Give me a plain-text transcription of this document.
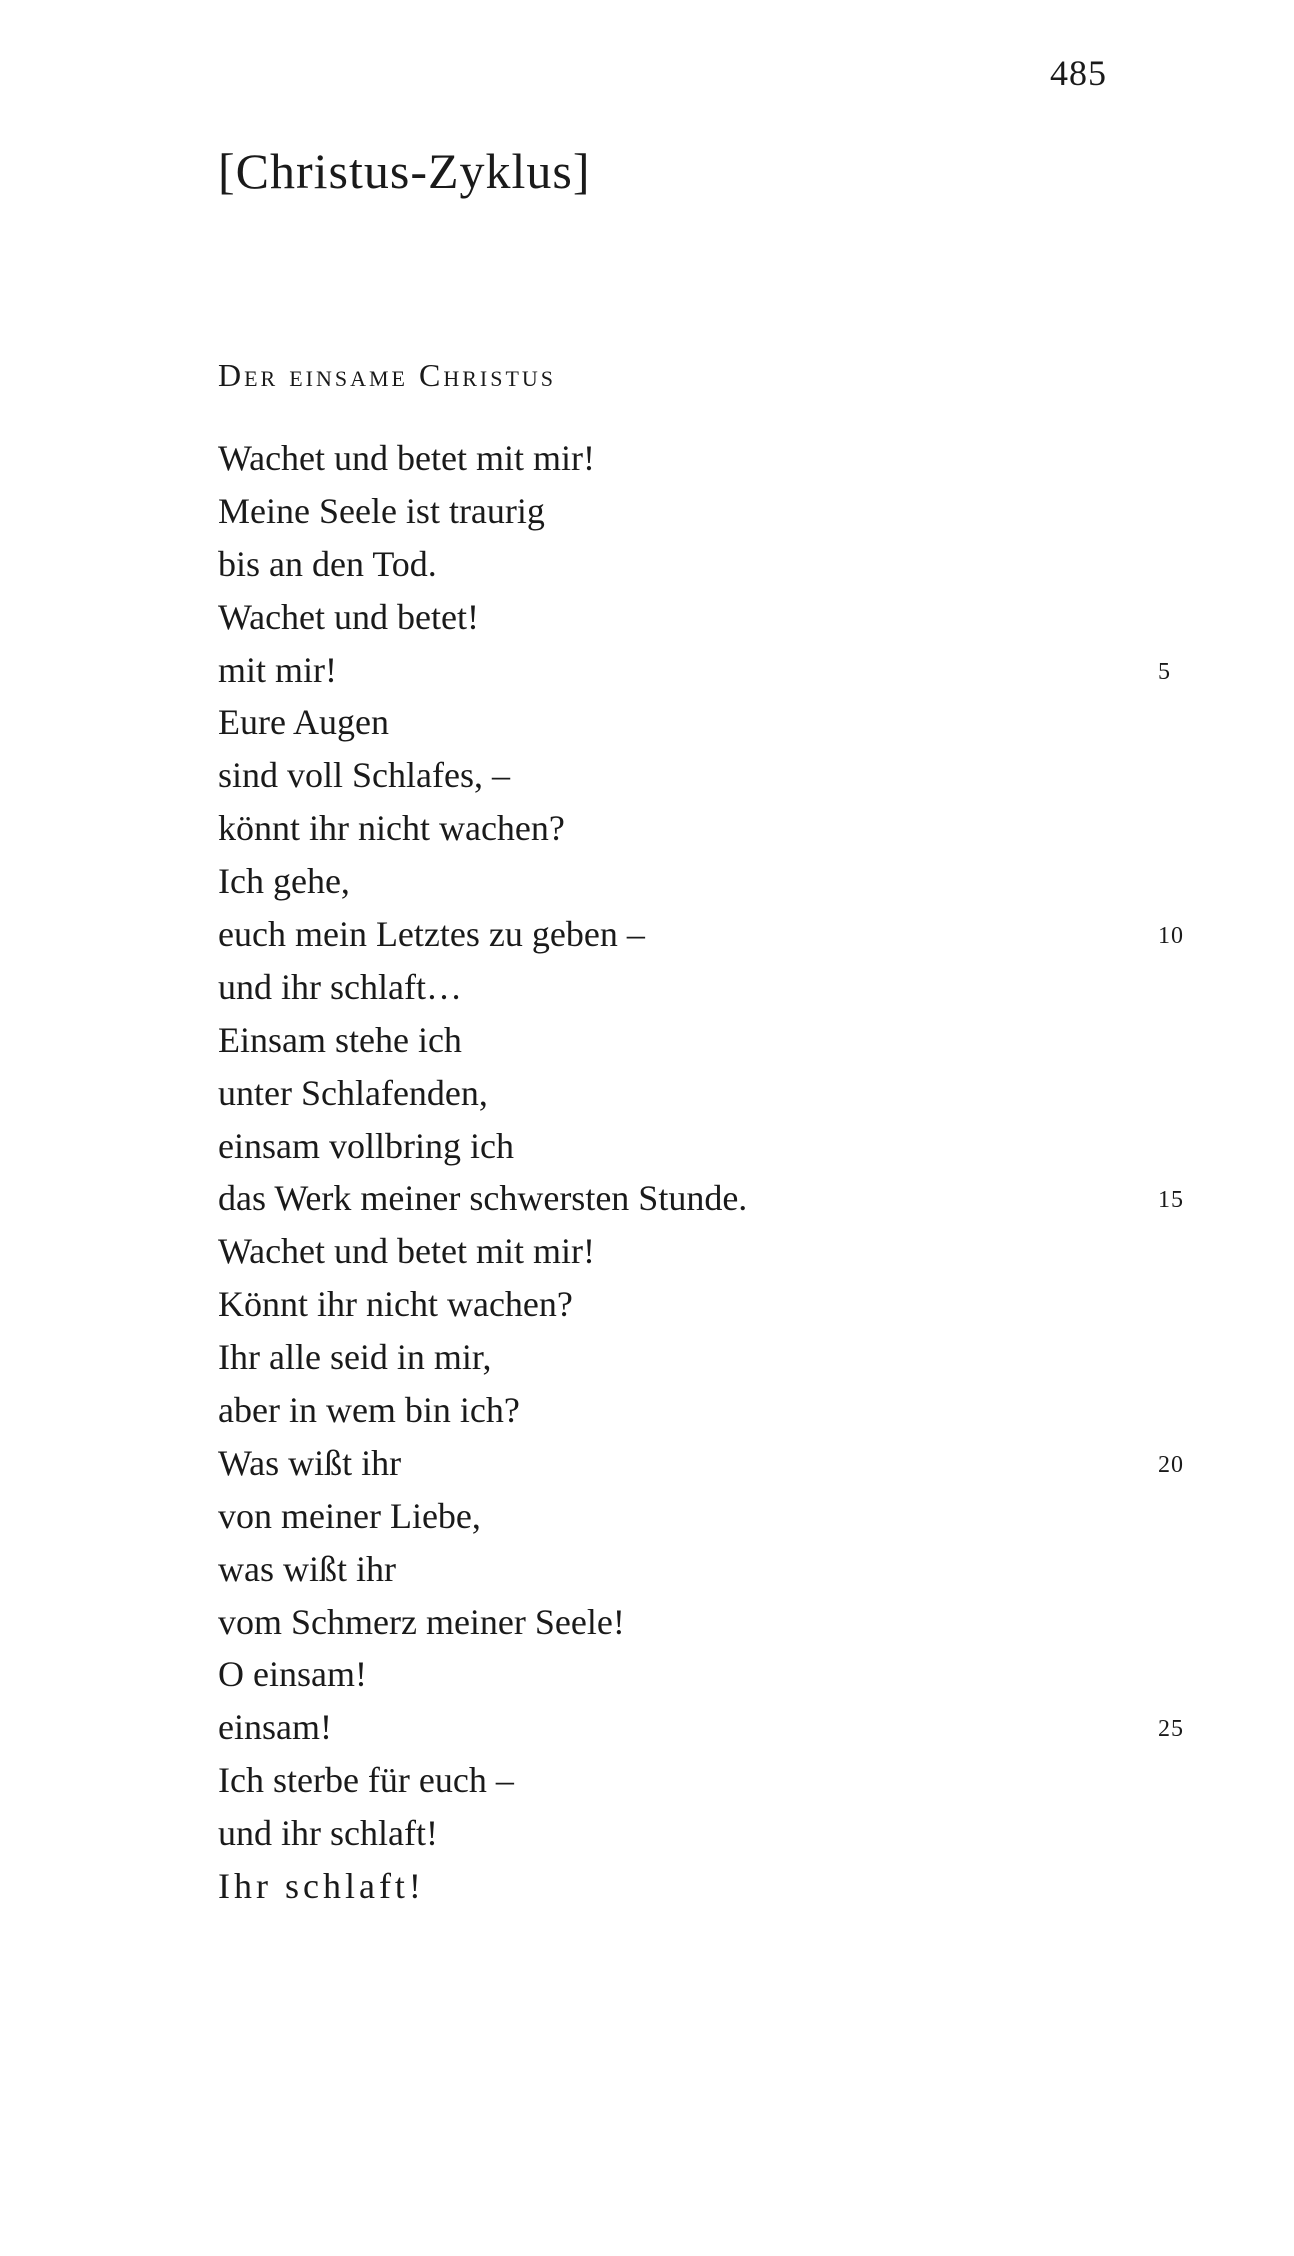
485
[Christus-Zyklus]
Der einsame Christus
Wachet und betet mit mir!
Meine Seele ist traurig
bis an den Tod.
Wachet und betet!
mit mir!	5
Eure Augen
sind voll Schlafes, –
könnt ihr nicht wachen?
Ich gehe,
euch mein Letztes zu geben –	10
und ihr schlaft…
Einsam stehe ich
unter Schlafenden,
einsam vollbring ich
das Werk meiner schwersten Stunde.	15
Wachet und betet mit mir!
Könnt ihr nicht wachen?
Ihr alle seid in mir,
aber in wem bin ich?
Was wißt ihr	20
von meiner Liebe,
was wißt ihr
vom Schmerz meiner Seele!
O einsam!
einsam!	25
Ich sterbe für euch –
und ihr schlaft!
Ihr schlaft!
